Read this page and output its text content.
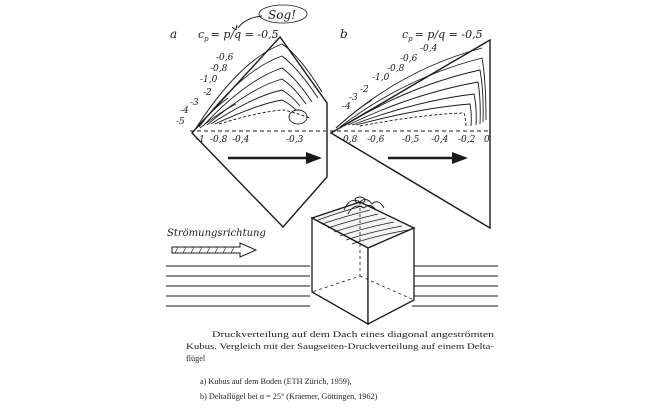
a $c_p = p/q = -0,5$
Sog!
-0,6
-0,8
-1,0
-2
-3
-4
-5
-1 -0,8 -0,4	-0,3
b	$c_p = p/q = -0,5$
-0,4
-0,6
-0,8
-1,0
-2
-3
-4
-0,8 -0,6 -0,5 -0,4 -0,2 0
Strömungsrichtung
Druckverteilung auf dem Dach eines diagonal angeströmten
Kubus. Vergleich mit der Saugseiten-Druckverteilung auf einem Delta-
flügel
a) Kubus auf dem Boden (ETH Zürich, 1959),
b) Deltaflügel bei α = 25° (Kraemer, Göttingen, 1962)
